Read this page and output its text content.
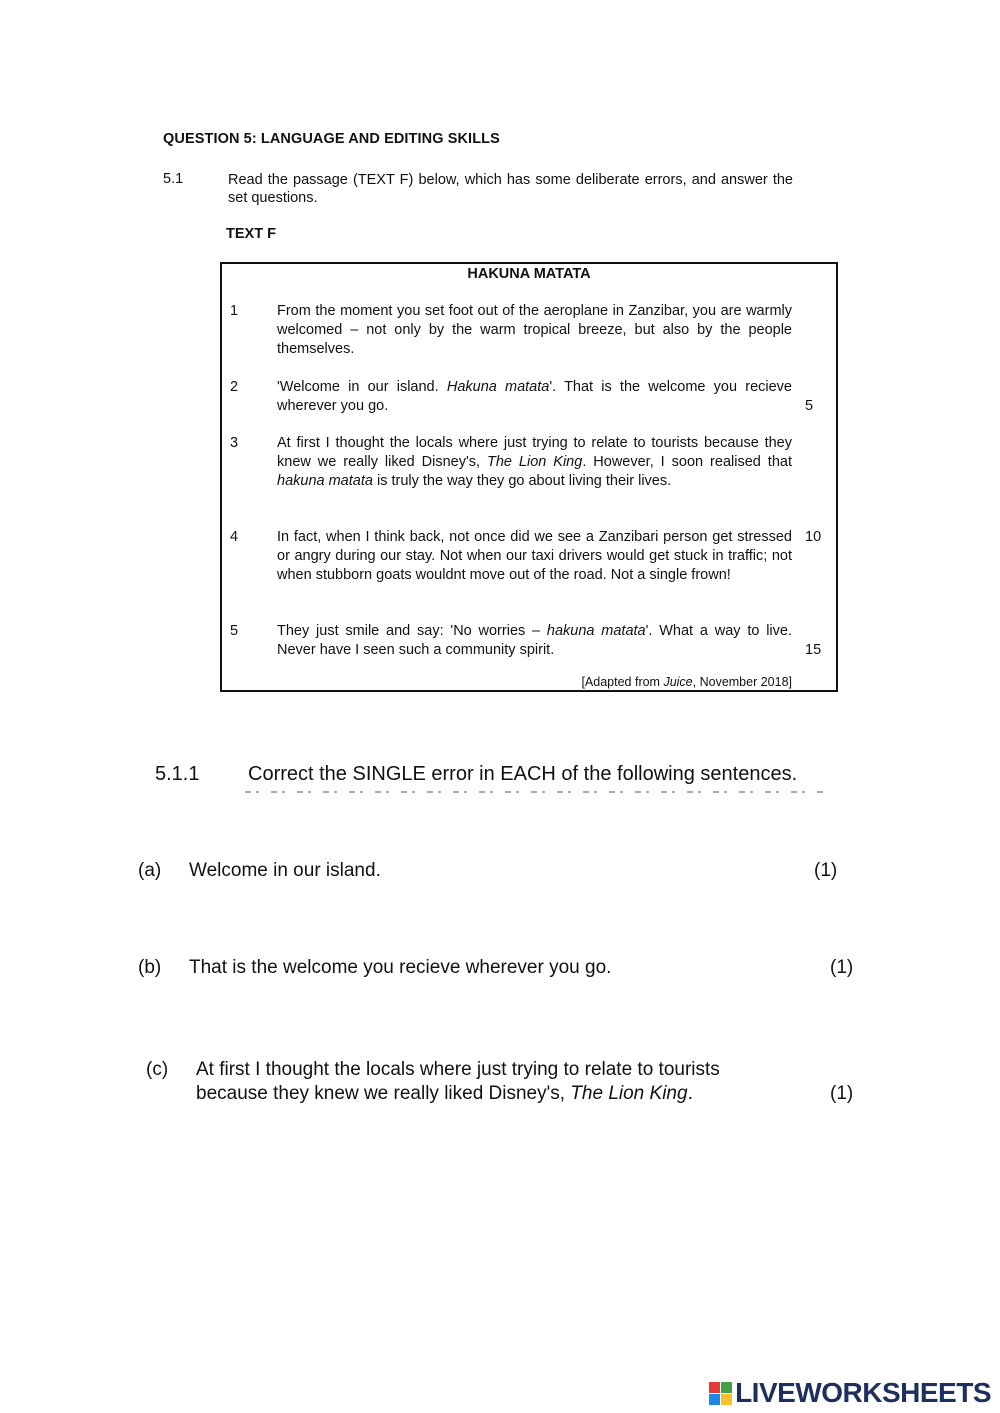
QUESTION 5: LANGUAGE AND EDITING SKILLS
5.1	Read the passage (TEXT F) below, which has some deliberate errors, and answer the set questions.
TEXT F
HAKUNA MATATA
1	From the moment you set foot out of the aeroplane in Zanzibar, you are warmly welcomed – not only by the warm tropical breeze, but also by the people themselves.
2	'Welcome in our island. Hakuna matata'. That is the welcome you recieve wherever you go.	5
3	At first I thought the locals where just trying to relate to tourists because they knew we really liked Disney's, The Lion King. However, I soon realised that hakuna matata is truly the way they go about living their lives.
4	In fact, when I think back, not once did we see a Zanzibari person get stressed or angry during our stay. Not when our taxi drivers would get stuck in traffic; not when stubborn goats wouldnt move out of the road. Not a single frown!
10
5	They just smile and say: 'No worries – hakuna matata'. What a way to live. Never have I seen such a community spirit.	15
[Adapted from Juice, November 2018]
5.1.1 Correct the SINGLE error in EACH of the following sentences.
(a) Welcome in our island.	(1)
(b) That is the welcome you recieve wherever you go.	(1)
(c) At first I thought the locals where just trying to relate to tourists
because they knew we really liked Disney's, The Lion King.	(1)
LIVEWORKSHEETS
